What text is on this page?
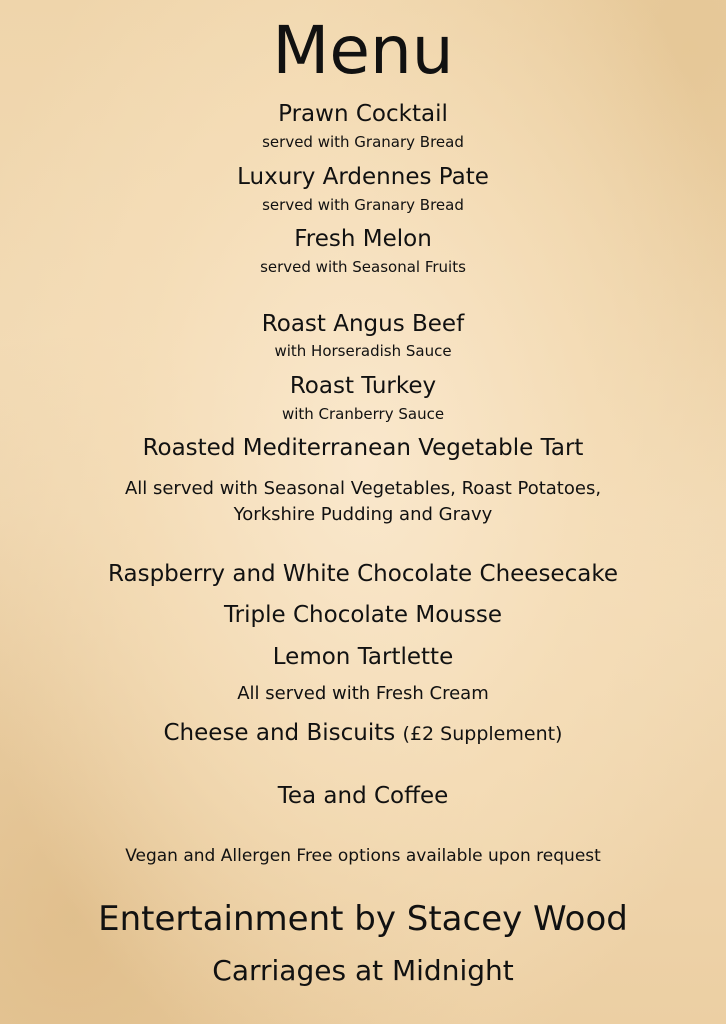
Menu
Prawn Cocktail
served with Granary Bread
Luxury Ardennes Pate
served with Granary Bread
Fresh Melon
served with Seasonal Fruits
Roast Angus Beef
with Horseradish Sauce
Roast Turkey
with Cranberry Sauce
Roasted Mediterranean Vegetable Tart
All served with Seasonal Vegetables, Roast Potatoes,
Yorkshire Pudding and Gravy
Raspberry and White Chocolate Cheesecake
Triple Chocolate Mousse
Lemon Tartlette
All served with Fresh Cream
Cheese and Biscuits (£2 Supplement)
Tea and Coffee
Vegan and Allergen Free options available upon request
Entertainment by Stacey Wood
Carriages at Midnight
